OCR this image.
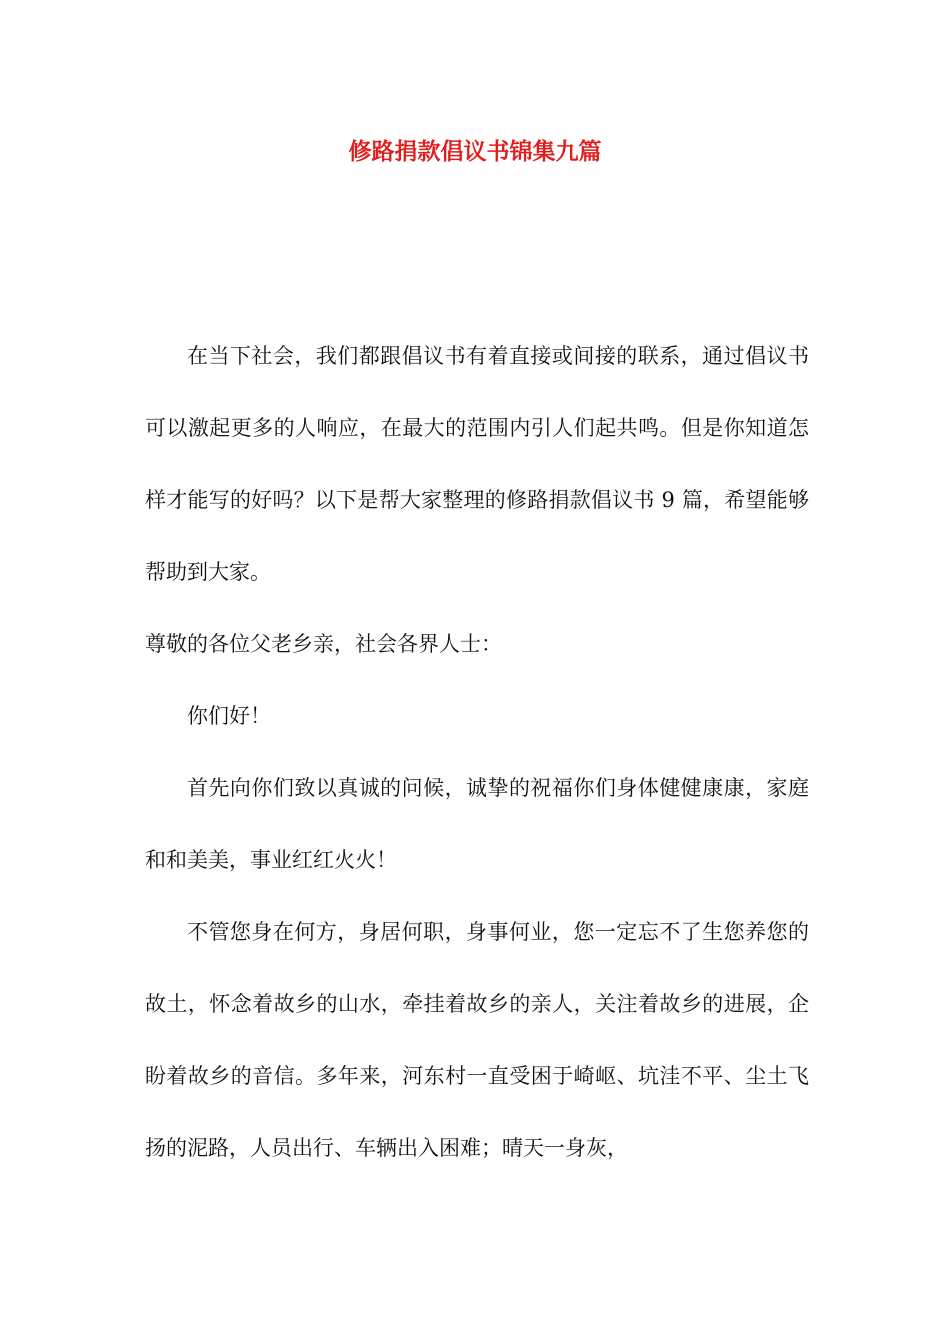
修路捐款倡议书锦集九篇

在当下社会，我们都跟倡议书有着直接或间接的联系，通过倡议书可以激起更多的人响应，在最大的范围内引人们起共鸣。但是你知道怎样才能写的好吗？以下是帮大家整理的修路捐款倡议书 9 篇，希望能够帮助到大家。

尊敬的各位父老乡亲，社会各界人士：

你们好！

首先向你们致以真诚的问候，诚挚的祝福你们身体健健康康，家庭和和美美，事业红红火火！

不管您身在何方，身居何职，身事何业，您一定忘不了生您养您的故土，怀念着故乡的山水，牵挂着故乡的亲人，关注着故乡的进展，企盼着故乡的音信。多年来，河东村一直受困于崎岖、坑洼不平、尘土飞扬的泥路，人员出行、车辆出入困难；晴天一身灰，
